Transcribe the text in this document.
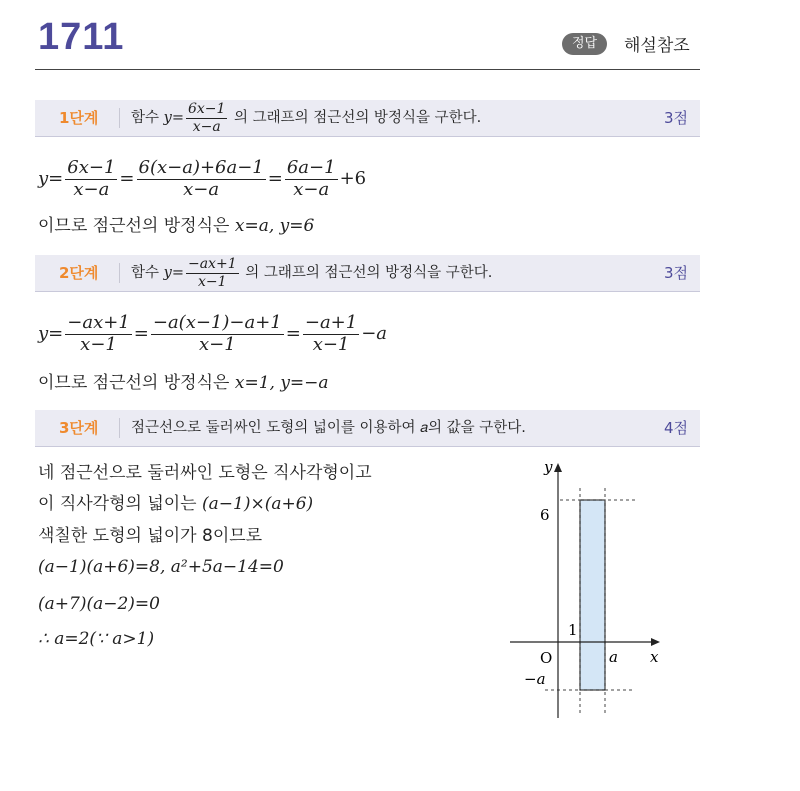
1711	정답	해설참조
1단계 함수 $y= \frac{6x-1}{x-a}$ 의 그래프의 점근선의 방정식을 구한다.	3점
$y= \frac{6x-1}{x-a} = \frac{6(x-a)+6a-1}{x-a} = \frac{6a-1}{x-a} +6$
이므로 점근선의 방정식은 x=a, y=6
2단계 함수 $y= \frac{-ax+1}{x-1}$ 의 그래프의 점근선의 방정식을 구한다.	3점
$y= \frac{-ax+1}{x-1} = \frac{-a(x-1)-a+1}{x-1} = \frac{-a+1}{x-1} -a$
이므로 점근선의 방정식은 x=1, y=−a
3단계 점근선으로 둘러싸인 도형의 넓이를 이용하여 𝑎의 값을 구한다.	4점
네 점근선으로 둘러싸인 도형은 직사각형이고
이 직사각형의 넓이는 (a−1)×(a+6)
색칠한 도형의 넓이가 8이므로
(a−1)(a+6)=8, a²+5a−14=0
(a+7)(a−2)=0
∴ a=2(∵ a>1)
y
x
O
6
1
a
−a
